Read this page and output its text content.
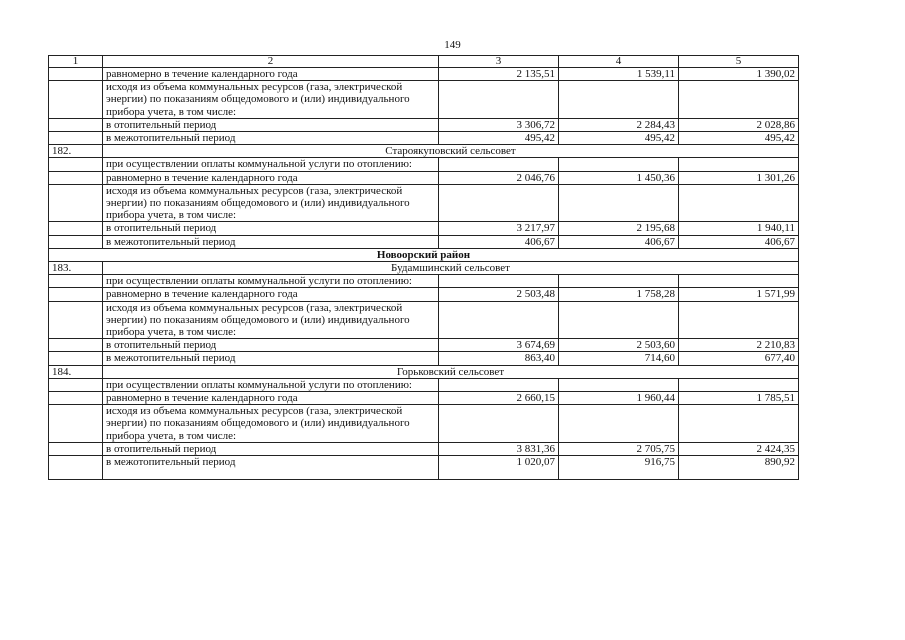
149
1	2	3	4	5
	равномерно в течение календарного года	2 135,51	1 539,11	1 390,02
	исходя из объема коммунальных ресурсов (газа, электрической энергии) по показаниям общедомового и (или) индивидуального прибора учета, в том числе:			
	в отопительный период	3 306,72	2 284,43	2 028,86
	в межотопительный период	495,42	495,42	495,42
182.	Староякуповский сельсовет			
	при осуществлении оплаты коммунальной услуги по отоплению:			
	равномерно в течение календарного года	2 046,76	1 450,36	1 301,26
	исходя из объема коммунальных ресурсов (газа, электрической энергии) по показаниям общедомового и (или) индивидуального прибора учета, в том числе:			
	в отопительный период	3 217,97	2 195,68	1 940,11
	в межотопительный период	406,67	406,67	406,67
Новоорский район				
183.	Будамшинский сельсовет			
	при осуществлении оплаты коммунальной услуги по отоплению:			
	равномерно в течение календарного года	2 503,48	1 758,28	1 571,99
	исходя из объема коммунальных ресурсов (газа, электрической энергии) по показаниям общедомового и (или) индивидуального прибора учета, в том числе:			
	в отопительный период	3 674,69	2 503,60	2 210,83
	в межотопительный период	863,40	714,60	677,40
184.	Горьковский сельсовет			
	при осуществлении оплаты коммунальной услуги по отоплению:			
	равномерно в течение календарного года	2 660,15	1 960,44	1 785,51
	исходя из объема коммунальных ресурсов (газа, электрической энергии) по показаниям общедомового и (или) индивидуального прибора учета, в том числе:			
	в отопительный период	3 831,36	2 705,75	2 424,35
	в межотопительный период	1 020,07	916,75	890,92
